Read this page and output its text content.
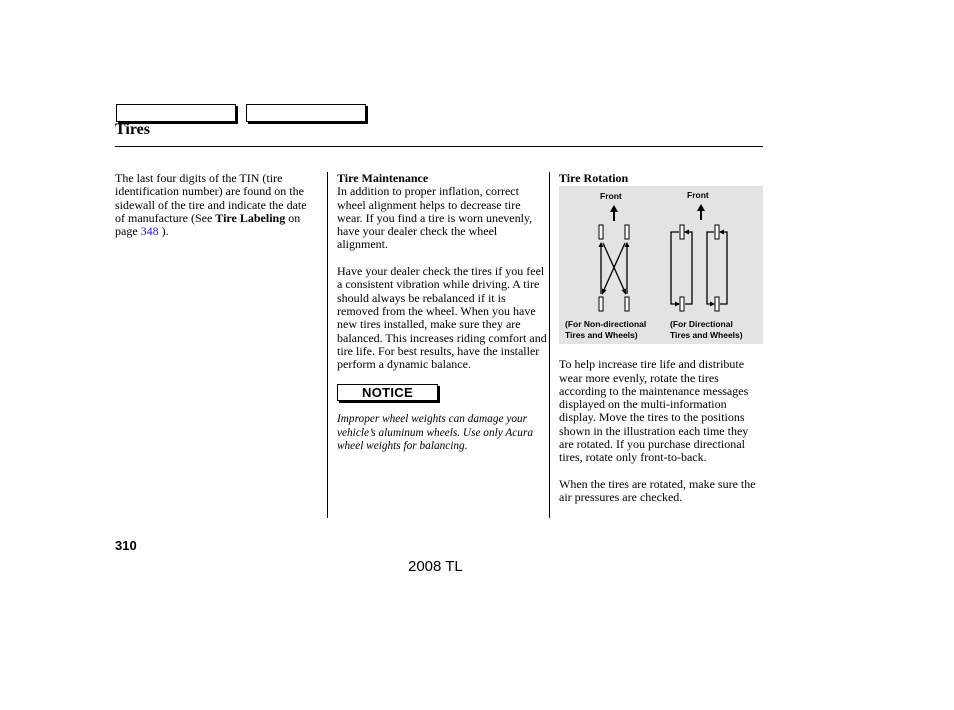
Tires

The last four digits of the TIN (tire identification number) are found on the sidewall of the tire and indicate the date of manufacture (See Tire Labeling on page 348 ).

Tire Maintenance

In addition to proper inflation, correct wheel alignment helps to decrease tire wear. If you find a tire is worn unevenly, have your dealer check the wheel alignment.

Have your dealer check the tires if you feel a consistent vibration while driving. A tire should always be rebalanced if it is removed from the wheel. When you have new tires installed, make sure they are balanced. This increases riding comfort and tire life. For best results, have the installer perform a dynamic balance.

NOTICE

Improper wheel weights can damage your vehicle’s aluminum wheels. Use only Acura wheel weights for balancing.

Tire Rotation

Front	Front
(For Non-directional
Tires and Wheels)
(For Directional
Tires and Wheels)

To help increase tire life and distribute wear more evenly, rotate the tires according to the maintenance messages displayed on the multi-information display. Move the tires to the positions shown in the illustration each time they are rotated. If you purchase directional tires, rotate only front-to-back.

When the tires are rotated, make sure the air pressures are checked.

310
2008 TL
